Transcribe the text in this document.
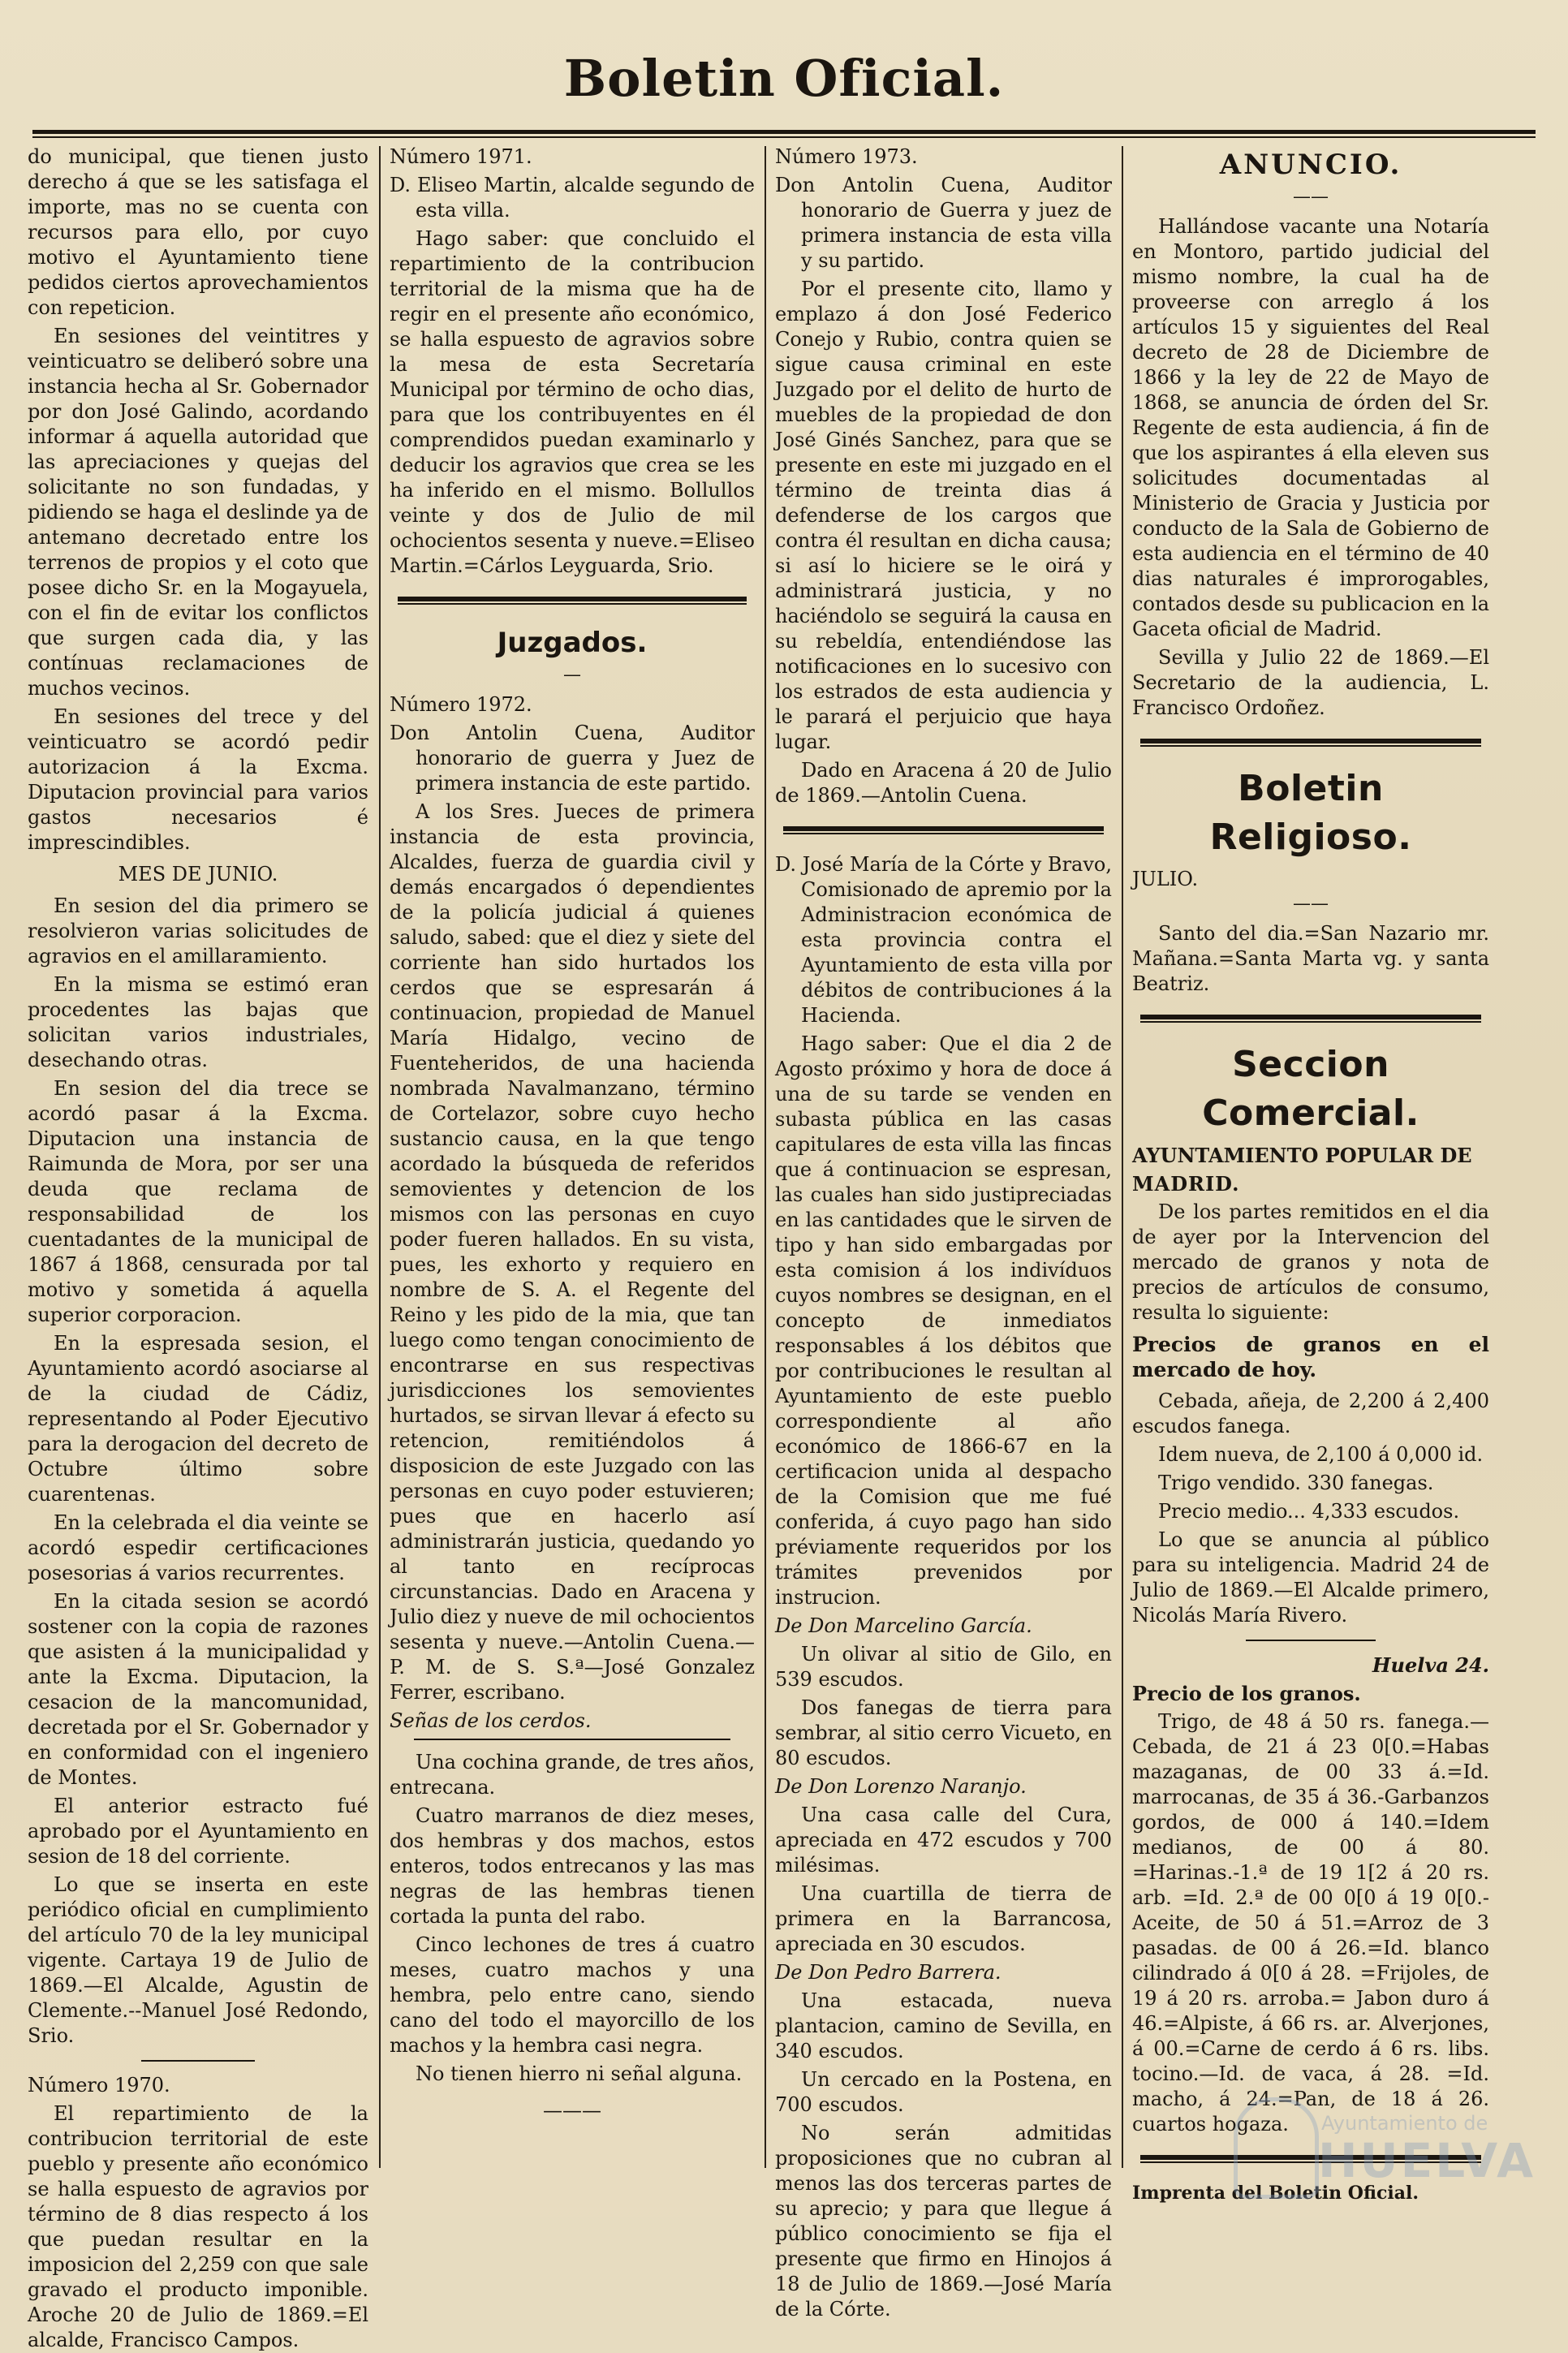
Boletin Oficial.

do municipal, que tienen justo derecho á que se les satisfaga el importe, mas no se cuenta con recursos para ello, por cuyo motivo el Ayuntamiento tiene pedidos ciertos aprovechamientos con repeticion.

En sesiones del veintitres y veinticuatro se deliberó sobre una instancia hecha al Sr. Gobernador por don José Galindo, acordando informar á aquella autoridad que las apreciaciones y quejas del solicitante no son fundadas, y pidiendo se haga el deslinde ya de antemano decretado entre los terrenos de propios y el coto que posee dicho Sr. en la Mogayuela, con el fin de evitar los conflictos que surgen cada dia, y las contínuas reclamaciones de muchos vecinos.

En sesiones del trece y del veinticuatro se acordó pedir autorizacion á la Excma. Diputacion provincial para varios gastos necesarios é imprescindibles.

MES DE JUNIO.

En sesion del dia primero se resolvieron varias solicitudes de agravios en el amillaramiento.

En la misma se estimó eran procedentes las bajas que solicitan varios industriales, desechando otras.

En sesion del dia trece se acordó pasar á la Excma. Diputacion una instancia de Raimunda de Mora, por ser una deuda que reclama de responsabilidad de los cuentadantes de la municipal de 1867 á 1868, censurada por tal motivo y sometida á aquella superior corporacion.

En la espresada sesion, el Ayuntamiento acordó asociarse al de la ciudad de Cádiz, representando al Poder Ejecutivo para la derogacion del decreto de Octubre último sobre cuarentenas.

En la celebrada el dia veinte se acordó espedir certificaciones posesorias á varios recurrentes.

En la citada sesion se acordó sostener con la copia de razones que asisten á la municipalidad y ante la Excma. Diputacion, la cesacion de la mancomunidad, decretada por el Sr. Gobernador y en conformidad con el ingeniero de Montes.

El anterior estracto fué aprobado por el Ayuntamiento en sesion de 18 del corriente.

Lo que se inserta en este periódico oficial en cumplimiento del artículo 70 de la ley municipal vigente. Cartaya 19 de Julio de 1869.—El Alcalde, Agustin de Clemente.--Manuel José Redondo, Srio.

Número 1970.

El repartimiento de la contribucion territorial de este pueblo y presente año económico se halla espuesto de agravios por término de 8 dias respecto á los que puedan resultar en la imposicion del 2,259 con que sale gravado el producto imponible. Aroche 20 de Julio de 1869.=El alcalde, Francisco Campos.

Número 1971.

D. Eliseo Martin, alcalde segundo de esta villa.

Hago saber: que concluido el repartimiento de la contribucion territorial de la misma que ha de regir en el presente año económico, se halla espuesto de agravios sobre la mesa de esta Secretaría Municipal por término de ocho dias, para que los contribuyentes en él comprendidos puedan examinarlo y deducir los agravios que crea se les ha inferido en el mismo. Bollullos veinte y dos de Julio de mil ochocientos sesenta y nueve.=Eliseo Martin.=Cárlos Leyguarda, Srio.

Juzgados.
—

Número 1972.

Don Antolin Cuena, Auditor honorario de guerra y Juez de primera instancia de este partido.

A los Sres. Jueces de primera instancia de esta provincia, Alcaldes, fuerza de guardia civil y demás encargados ó dependientes de la policía judicial á quienes saludo, sabed: que el diez y siete del corriente han sido hurtados los cerdos que se espresarán á continuacion, propiedad de Manuel María Hidalgo, vecino de Fuenteheridos, de una hacienda nombrada Navalmanzano, término de Cortelazor, sobre cuyo hecho sustancio causa, en la que tengo acordado la búsqueda de referidos semovientes y detencion de los mismos con las personas en cuyo poder fueren hallados. En su vista, pues, les exhorto y requiero en nombre de S. A. el Regente del Reino y les pido de la mia, que tan luego como tengan conocimiento de encontrarse en sus respectivas jurisdicciones los semovientes hurtados, se sirvan llevar á efecto su retencion, remitiéndolos á disposicion de este Juzgado con las personas en cuyo poder estuvieren; pues que en hacerlo así administrarán justicia, quedando yo al tanto en recíprocas circunstancias. Dado en Aracena y Julio diez y nueve de mil ochocientos sesenta y nueve.—Antolin Cuena.— P. M. de S. S.ª—José Gonzalez Ferrer, escribano.

Señas de los cerdos.

Una cochina grande, de tres años, entrecana.

Cuatro marranos de diez meses, dos hembras y dos machos, estos enteros, todos entrecanos y las mas negras de las hembras tienen cortada la punta del rabo.

Cinco lechones de tres á cuatro meses, cuatro machos y una hembra, pelo entre cano, siendo cano del todo el mayorcillo de los machos y la hembra casi negra.

No tienen hierro ni señal alguna.

———

Número 1973.

Don Antolin Cuena, Auditor honorario de Guerra y juez de primera instancia de esta villa y su partido.

Por el presente cito, llamo y emplazo á don José Federico Conejo y Rubio, contra quien se sigue causa criminal en este Juzgado por el delito de hurto de muebles de la propiedad de don José Ginés Sanchez, para que se presente en este mi juzgado en el término de treinta dias á defenderse de los cargos que contra él resultan en dicha causa; si así lo hiciere se le oirá y administrará justicia, y no haciéndolo se seguirá la causa en su rebeldía, entendiéndose las notificaciones en lo sucesivo con los estrados de esta audiencia y le parará el perjuicio que haya lugar.

Dado en Aracena á 20 de Julio de 1869.—Antolin Cuena.

D. José María de la Córte y Bravo, Comisionado de apremio por la Administracion económica de esta provincia contra el Ayuntamiento de esta villa por débitos de contribuciones á la Hacienda.

Hago saber: Que el dia 2 de Agosto próximo y hora de doce á una de su tarde se venden en subasta pública en las casas capitulares de esta villa las fincas que á continuacion se espresan, las cuales han sido justipreciadas en las cantidades que le sirven de tipo y han sido embargadas por esta comision á los indivíduos cuyos nombres se designan, en el concepto de inmediatos responsables á los débitos que por contribuciones le resultan al Ayuntamiento de este pueblo correspondiente al año económico de 1866-67 en la certificacion unida al despacho de la Comision que me fué conferida, á cuyo pago han sido préviamente requeridos por los trámites prevenidos por instrucion.

De Don Marcelino García.

Un olivar al sitio de Gilo, en 539 escudos.

Dos fanegas de tierra para sembrar, al sitio cerro Vicueto, en 80 escudos.

De Don Lorenzo Naranjo.

Una casa calle del Cura, apreciada en 472 escudos y 700 milésimas.

Una cuartilla de tierra de primera en la Barrancosa, apreciada en 30 escudos.

De Don Pedro Barrera.

Una estacada, nueva plantacion, camino de Sevilla, en 340 escudos.

Un cercado en la Postena, en 700 escudos.

No serán admitidas proposiciones que no cubran al menos las dos terceras partes de su aprecio; y para que llegue á público conocimiento se fija el presente que firmo en Hinojos á 18 de Julio de 1869.—José María de la Córte.

ANUNCIO.
——

Hallándose vacante una Notaría en Montoro, partido judicial del mismo nombre, la cual ha de proveerse con arreglo á los artículos 15 y siguientes del Real decreto de 28 de Diciembre de 1866 y la ley de 22 de Mayo de 1868, se anuncia de órden del Sr. Regente de esta audiencia, á fin de que los aspirantes á ella eleven sus solicitudes documentadas al Ministerio de Gracia y Justicia por conducto de la Sala de Gobierno de esta audiencia en el término de 40 dias naturales é improrogables, contados desde su publicacion en la Gaceta oficial de Madrid.

Sevilla y Julio 22 de 1869.—El Secretario de la audiencia, L. Francisco Ordoñez.

Boletin Religioso.

JULIO.

——

Santo del dia.=San Nazario mr. Mañana.=Santa Marta vg. y santa Beatriz.

Seccion Comercial.

AYUNTAMIENTO POPULAR DE

MADRID.

De los partes remitidos en el dia de ayer por la Intervencion del mercado de granos y nota de precios de artículos de consumo, resulta lo siguiente:

Precios de granos en el mercado de hoy.

Cebada, añeja, de 2,200 á 2,400 escudos fanega.

Idem nueva, de 2,100 á 0,000 id.

Trigo vendido. 330 fanegas.

Precio medio... 4,333 escudos.

Lo que se anuncia al público para su inteligencia. Madrid 24 de Julio de 1869.—El Alcalde primero, Nicolás María Rivero.

Huelva 24.

Precio de los granos.

Trigo, de 48 á 50 rs. fanega.—Cebada, de 21 á 23 0[0.=Habas mazaganas, de 00 33 á.=Id. marrocanas, de 35 á 36.-Garbanzos gordos, de 000 á 140.=Idem medianos, de 00 á 80. =Harinas.-1.ª de 19 1[2 á 20 rs. arb. =Id. 2.ª de 00 0[0 á 19 0[0.-Aceite, de 50 á 51.=Arroz de 3 pasadas. de 00 á 26.=Id. blanco cilindrado á 0[0 á 28. =Frijoles, de 19 á 20 rs. arroba.= Jabon duro á 46.=Alpiste, á 66 rs. ar. Alverjones, á 00.=Carne de cerdo á 6 rs. libs. tocino.—Id. de vaca, á 28. =Id. macho, á 24.=Pan, de 18 á 26. cuartos hogaza.

Imprenta del Boletin Oficial.

Ayuntamiento de
HUELVA
